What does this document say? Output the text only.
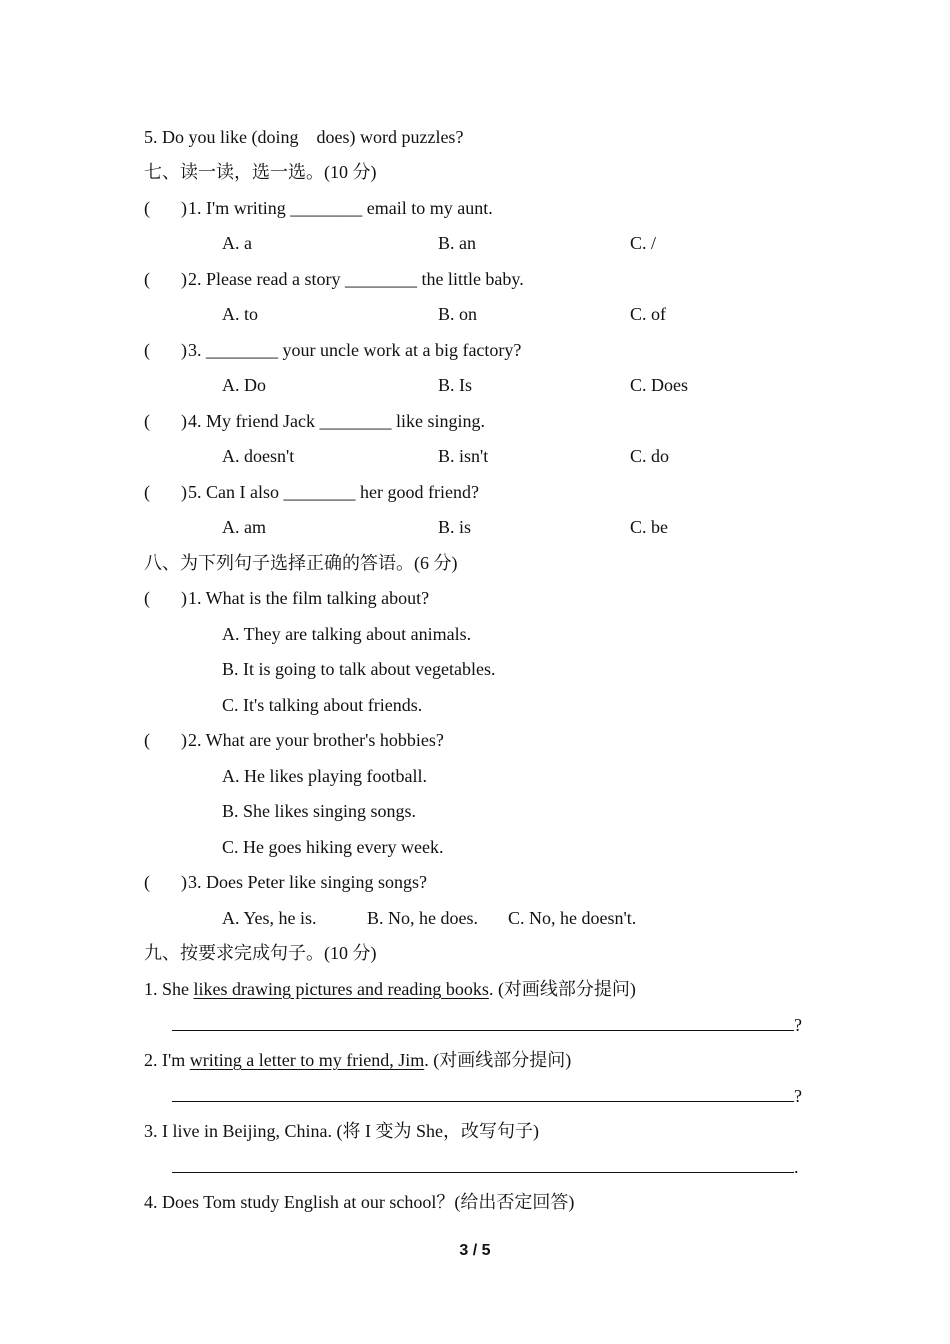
5. Do you like (doing    does) word puzzles?
七、读一读，选一选。(10 分)
( )1. I'm writing ________ email to my aunt.
A. a	B. an	C. /
( )2. Please read a story ________ the little baby.
A. to	B. on	C. of
( )3. ________ your uncle work at a big factory?
A. Do	B. Is	C. Does
( )4. My friend Jack ________ like singing.
A. doesn't	B. isn't	C. do
( )5. Can I also ________ her good friend?
A. am	B. is	C. be
八、为下列句子选择正确的答语。(6 分)
( )1. What is the film talking about?
A. They are talking about animals.
B. It is going to talk about vegetables.
C. It's talking about friends.
( )2. What are your brother's hobbies?
A. He likes playing football.
B. She likes singing songs.
C. He goes hiking every week.
( )3. Does Peter like singing songs?
A. Yes, he is.	B. No, he does. C. No, he doesn't.
九、按要求完成句子。(10 分)
1. She likes drawing pictures and reading books. (对画线部分提问)
?
2. I'm writing a letter to my friend, Jim. (对画线部分提问)
?
3. I live in Beijing, China. (将 I 变为 She，改写句子)
.
4. Does Tom study English at our school？(给出否定回答)
3 / 5
